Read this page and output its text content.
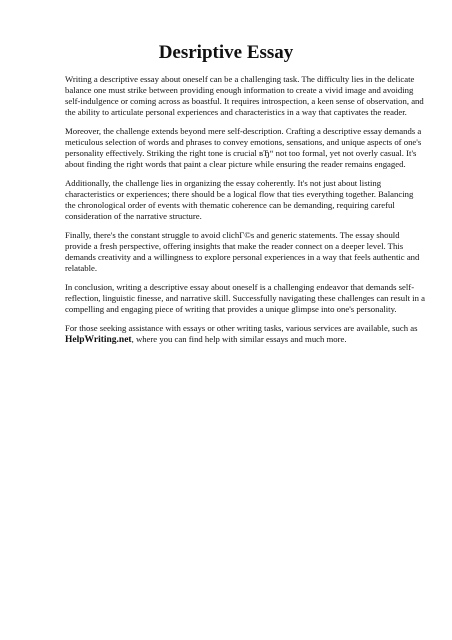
Desriptive Essay

Writing a descriptive essay about oneself can be a challenging task. The difficulty lies in the delicate balance one must strike between providing enough information to create a vivid image and avoiding self-indulgence or coming across as boastful. It requires introspection, a keen sense of observation, and the ability to articulate personal experiences and characteristics in a way that captivates the reader.

Moreover, the challenge extends beyond mere self-description. Crafting a descriptive essay demands a meticulous selection of words and phrases to convey emotions, sensations, and unique aspects of one's personality effectively. Striking the right tone is crucial вЂ“ not too formal, yet not overly casual. It's about finding the right words that paint a clear picture while ensuring the reader remains engaged.

Additionally, the challenge lies in organizing the essay coherently. It's not just about listing characteristics or experiences; there should be a logical flow that ties everything together. Balancing the chronological order of events with thematic coherence can be demanding, requiring careful consideration of the narrative structure.

Finally, there's the constant struggle to avoid clichГ©s and generic statements. The essay should provide a fresh perspective, offering insights that make the reader connect on a deeper level. This demands creativity and a willingness to explore personal experiences in a way that feels authentic and relatable.

In conclusion, writing a descriptive essay about oneself is a challenging endeavor that demands self-reflection, linguistic finesse, and narrative skill. Successfully navigating these challenges can result in a compelling and engaging piece of writing that provides a unique glimpse into one's personality.

For those seeking assistance with essays or other writing tasks, various services are available, such as HelpWriting.net, where you can find help with similar essays and much more.
